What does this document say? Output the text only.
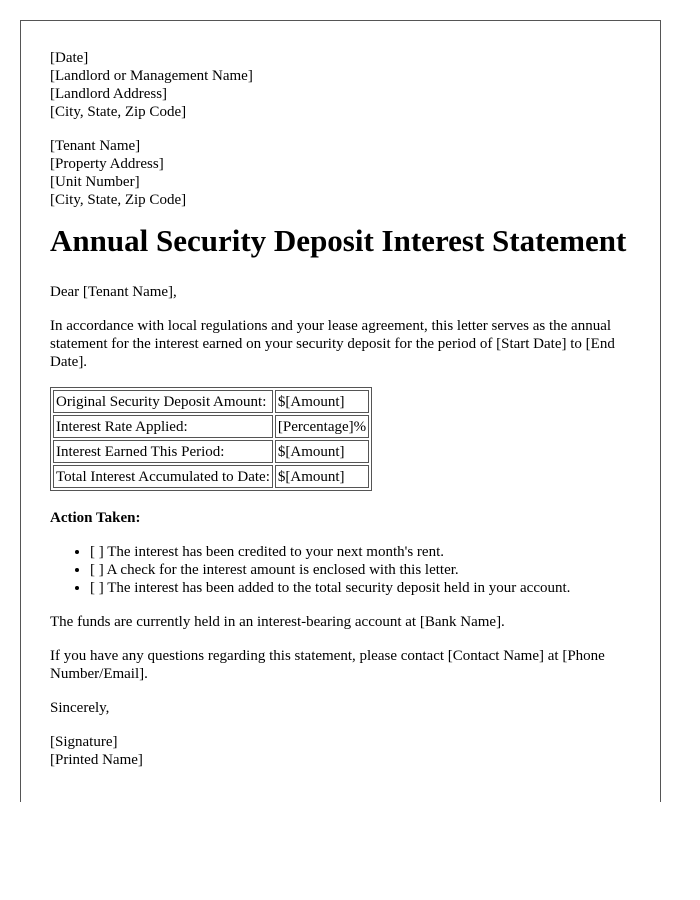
[Date]
[Landlord or Management Name]
[Landlord Address]
[City, State, Zip Code]
[Tenant Name]
[Property Address]
[Unit Number]
[City, State, Zip Code]
Annual Security Deposit Interest Statement

Dear [Tenant Name],

In accordance with local regulations and your lease agreement, this letter serves as the annual statement for the interest earned on your security deposit for the period of [Start Date] to [End Date].

Original Security Deposit Amount:	$[Amount]
Interest Rate Applied:	[Percentage]%
Interest Earned This Period:	$[Amount]
Total Interest Accumulated to Date:	$[Amount]

Action Taken:

• [ ] The interest has been credited to your next month's rent.
• [ ] A check for the interest amount is enclosed with this letter.
• [ ] The interest has been added to the total security deposit held in your account.

The funds are currently held in an interest-bearing account at [Bank Name].

If you have any questions regarding this statement, please contact [Contact Name] at [Phone Number/Email].

Sincerely,

[Signature]
[Printed Name]
